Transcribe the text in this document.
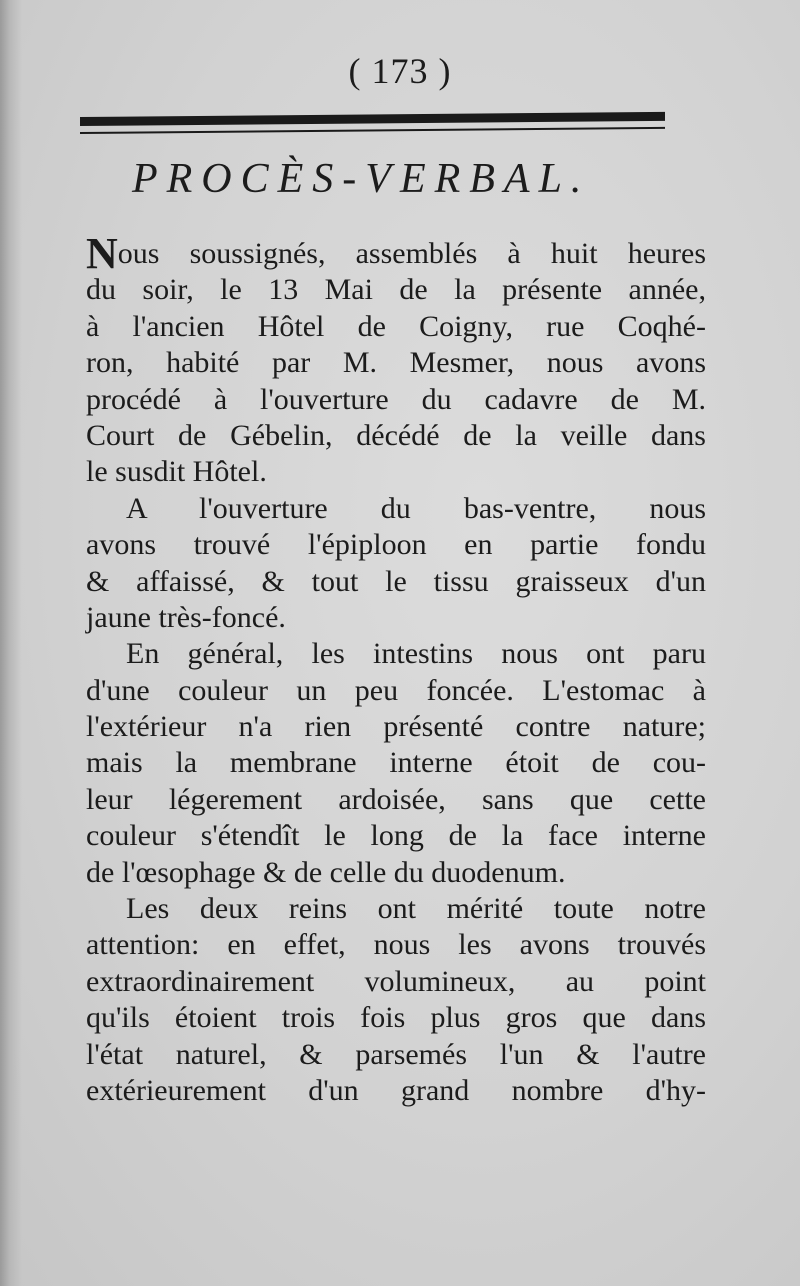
( 173 )
PROCÈS-VERBAL.
Nous soussignés, assemblés à huit heures
du soir, le 13 Mai de la présente année,
à l'ancien Hôtel de Coigny, rue Coqhé-
ron, habité par M. Mesmer, nous avons
procédé à l'ouverture du cadavre de M.
Court de Gébelin, décédé de la veille dans
le susdit Hôtel.
A l'ouverture du bas-ventre, nous
avons trouvé l'épiploon en partie fondu
& affaissé, & tout le tissu graisseux d'un
jaune très-foncé.
En général, les intestins nous ont paru
d'une couleur un peu foncée. L'estomac à
l'extérieur n'a rien présenté contre nature;
mais la membrane interne étoit de cou-
leur légerement ardoisée, sans que cette
couleur s'étendît le long de la face interne
de l'œsophage & de celle du duodenum.
Les deux reins ont mérité toute notre
attention: en effet, nous les avons trouvés
extraordinairement volumineux, au point
qu'ils étoient trois fois plus gros que dans
l'état naturel, & parsemés l'un & l'autre
extérieurement d'un grand nombre d'hy-
